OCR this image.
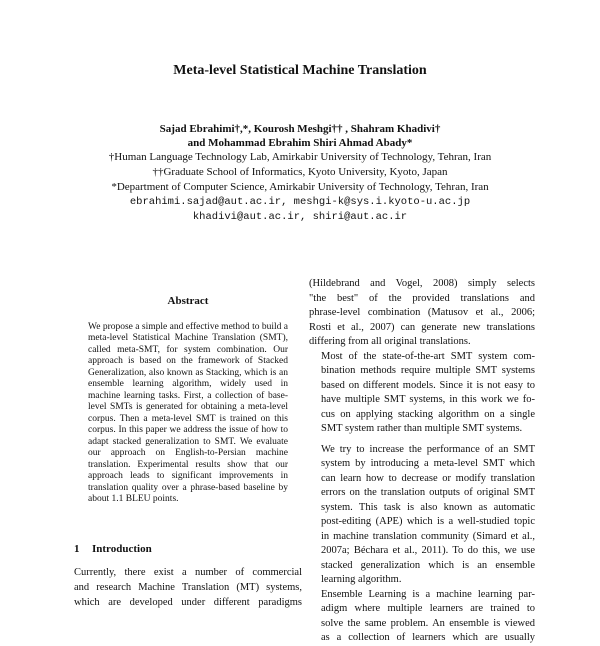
Meta-level Statistical Machine Translation
Sajad Ebrahimi†,*, Kourosh Meshgi†† , Shahram Khadivi†
and Mohammad Ebrahim Shiri Ahmad Abady*
†Human Language Technology Lab, Amirkabir University of Technology, Tehran, Iran
††Graduate School of Informatics, Kyoto University, Kyoto, Japan
*Department of Computer Science, Amirkabir University of Technology, Tehran, Iran
ebrahimi.sajad@aut.ac.ir, meshgi-k@sys.i.kyoto-u.ac.jp
khadivi@aut.ac.ir, shiri@aut.ac.ir
Abstract

We propose a simple and effective method to build a meta-level Statistical Machine Translation (SMT), called meta-SMT, for system combination. Our approach is based on the framework of Stacked Generalization, also known as Stacking, which is an ensemble learning algorithm, widely used in machine learning tasks. First, a collection of base-level SMTs is generated for obtaining a meta-level corpus. Then a meta-level SMT is trained on this corpus. In this paper we address the issue of how to adapt stacked generalization to SMT. We evaluate our approach on English-to-Persian machine translation. Experimental results show that our approach leads to significant improvements in translation quality over a phrase-based baseline by about 1.1 BLEU points.

1 Introduction
Currently, there exist a number of commercial
and research Machine Translation (MT) systems,
which are developed under different paradigms

(Hildebrand and Vogel, 2008) simply selects
"the best" of the provided translations and
phrase-level combination (Matusov et al., 2006;
Rosti et al., 2007) can generate new translations
differing from all original translations.

Most of the state-of-the-art SMT system com-
bination methods require multiple SMT systems
based on different models. Since it is not easy to
have multiple SMT systems, in this work we fo-
cus on applying stacking algorithm on a single
SMT system rather than multiple SMT systems.

We try to increase the performance of an SMT
system by introducing a meta-level SMT which
can learn how to decrease or modify translation
errors on the translation outputs of original SMT
system. This task is also known as automatic
post-editing (APE) which is a well-studied topic
in machine translation community (Simard et al.,
2007a; Béchara et al., 2011). To do this, we use
stacked generalization which is an ensemble
learning algorithm.

Ensemble Learning is a machine learning par-
adigm where multiple learners are trained to
solve the same problem. An ensemble is viewed
as a collection of learners which are usually
